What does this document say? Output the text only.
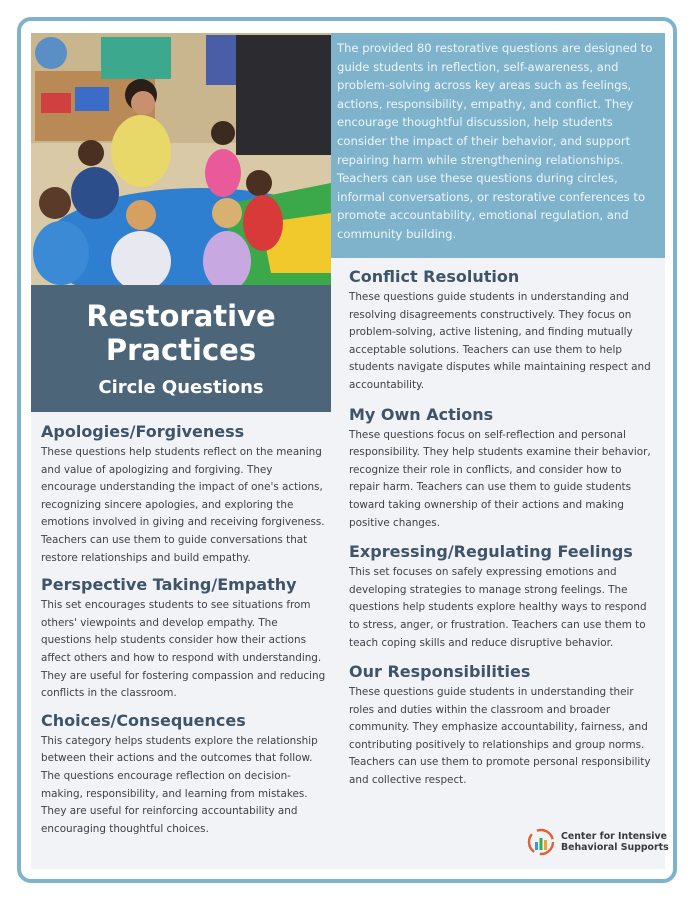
The provided 80 restorative questions are designed to guide students in reflection, self-awareness, and problem-solving across key areas such as feelings, actions, responsibility, empathy, and conflict. They encourage thoughtful discussion, help students consider the impact of their behavior, and support repairing harm while strengthening relationships. Teachers can use these questions during circles, informal conversations, or restorative conferences to promote accountability, emotional regulation, and community building.

Restorative
Practices
Circle Questions
Apologies/Forgiveness

These questions help students reflect on the meaning and value of apologizing and forgiving. They encourage understanding the impact of one's actions, recognizing sincere apologies, and exploring the emotions involved in giving and receiving forgiveness. Teachers can use them to guide conversations that restore relationships and build empathy.

Perspective Taking/Empathy

This set encourages students to see situations from others' viewpoints and develop empathy. The questions help students consider how their actions affect others and how to respond with understanding. They are useful for fostering compassion and reducing conflicts in the classroom.

Choices/Consequences

This category helps students explore the relationship between their actions and the outcomes that follow. The questions encourage reflection on decision-making, responsibility, and learning from mistakes. They are useful for reinforcing accountability and encouraging thoughtful choices.

Conflict Resolution

These questions guide students in understanding and resolving disagreements constructively. They focus on problem-solving, active listening, and finding mutually acceptable solutions. Teachers can use them to help students navigate disputes while maintaining respect and accountability.

My Own Actions

These questions focus on self-reflection and personal responsibility. They help students examine their behavior, recognize their role in conflicts, and consider how to repair harm. Teachers can use them to guide students toward taking ownership of their actions and making positive changes.

Expressing/Regulating Feelings

This set focuses on safely expressing emotions and developing strategies to manage strong feelings. The questions help students explore healthy ways to respond to stress, anger, or frustration. Teachers can use them to teach coping skills and reduce disruptive behavior.

Our Responsibilities

These questions guide students in understanding their roles and duties within the classroom and broader community. They emphasize accountability, fairness, and contributing positively to relationships and group norms. Teachers can use them to promote personal responsibility and collective respect.

Center for Intensive
Behavioral Supports
